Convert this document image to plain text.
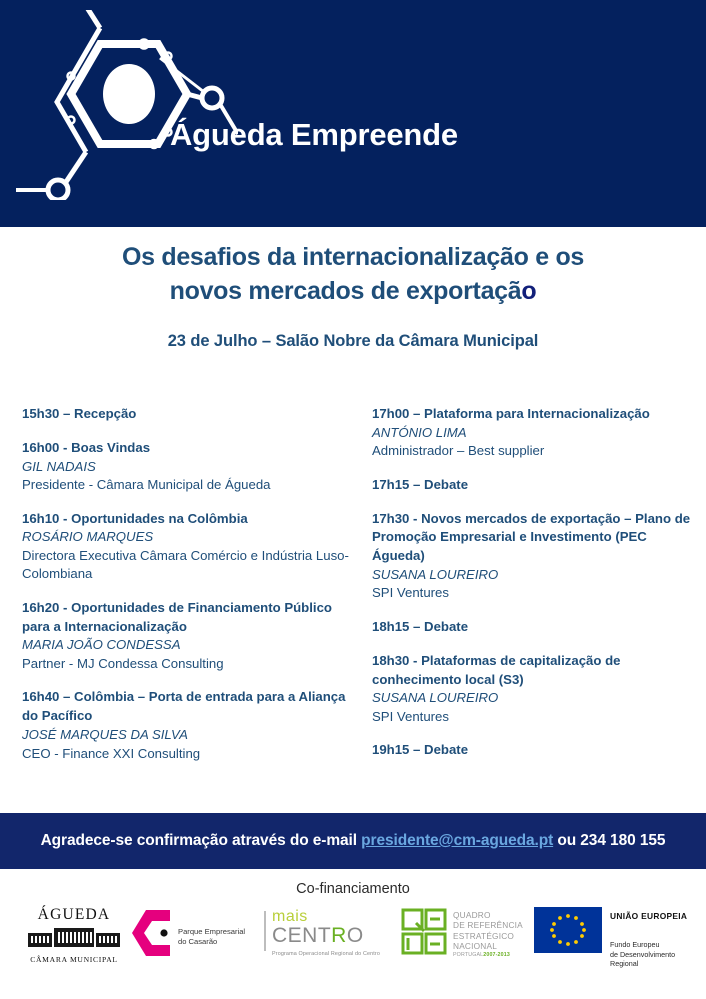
Águeda Empreende
Os desafios da internacionalização e os
novos mercados de exportação
23 de Julho – Salão Nobre da Câmara Municipal

15h30 – Recepção

16h00 - Boas Vindas

GIL NADAIS

Presidente - Câmara Municipal de Águeda

16h10 - Oportunidades na Colômbia

ROSÁRIO MARQUES

Directora Executiva Câmara Comércio e Indústria Luso-Colombiana

16h20 - Oportunidades de Financiamento Público para a Internacionalização

MARIA JOÃO CONDESSA

Partner - MJ Condessa Consulting

16h40 – Colômbia – Porta de entrada para a Aliança do Pacífico

JOSÉ MARQUES DA SILVA

CEO - Finance XXI Consulting

17h00 – Plataforma para Internacionalização

ANTÓNIO LIMA

Administrador – Best supplier

17h15 – Debate

17h30 - Novos mercados de exportação – Plano de Promoção Empresarial e Investimento (PEC Águeda)

SUSANA LOUREIRO

SPI Ventures

18h15 – Debate

18h30 - Plataformas de capitalização de conhecimento local (S3)

SUSANA LOUREIRO

SPI Ventures

19h15 – Debate

Agradece-se confirmação através do e-mail presidente@cm-agueda.pt ou 234 180 155
Co-financiamento
ÁGUEDA
CÂMARA MUNICIPAL
Parque Empresarial
do Casarão
mais
CENTRO
Programa Operacional Regional do Centro
QUADRO
DE REFERÊNCIA
ESTRATÉGICO
NACIONAL
PORTUGAL2007-2013
UNIÃO EUROPEIA
Fundo Europeu
de Desenvolvimento Regional
